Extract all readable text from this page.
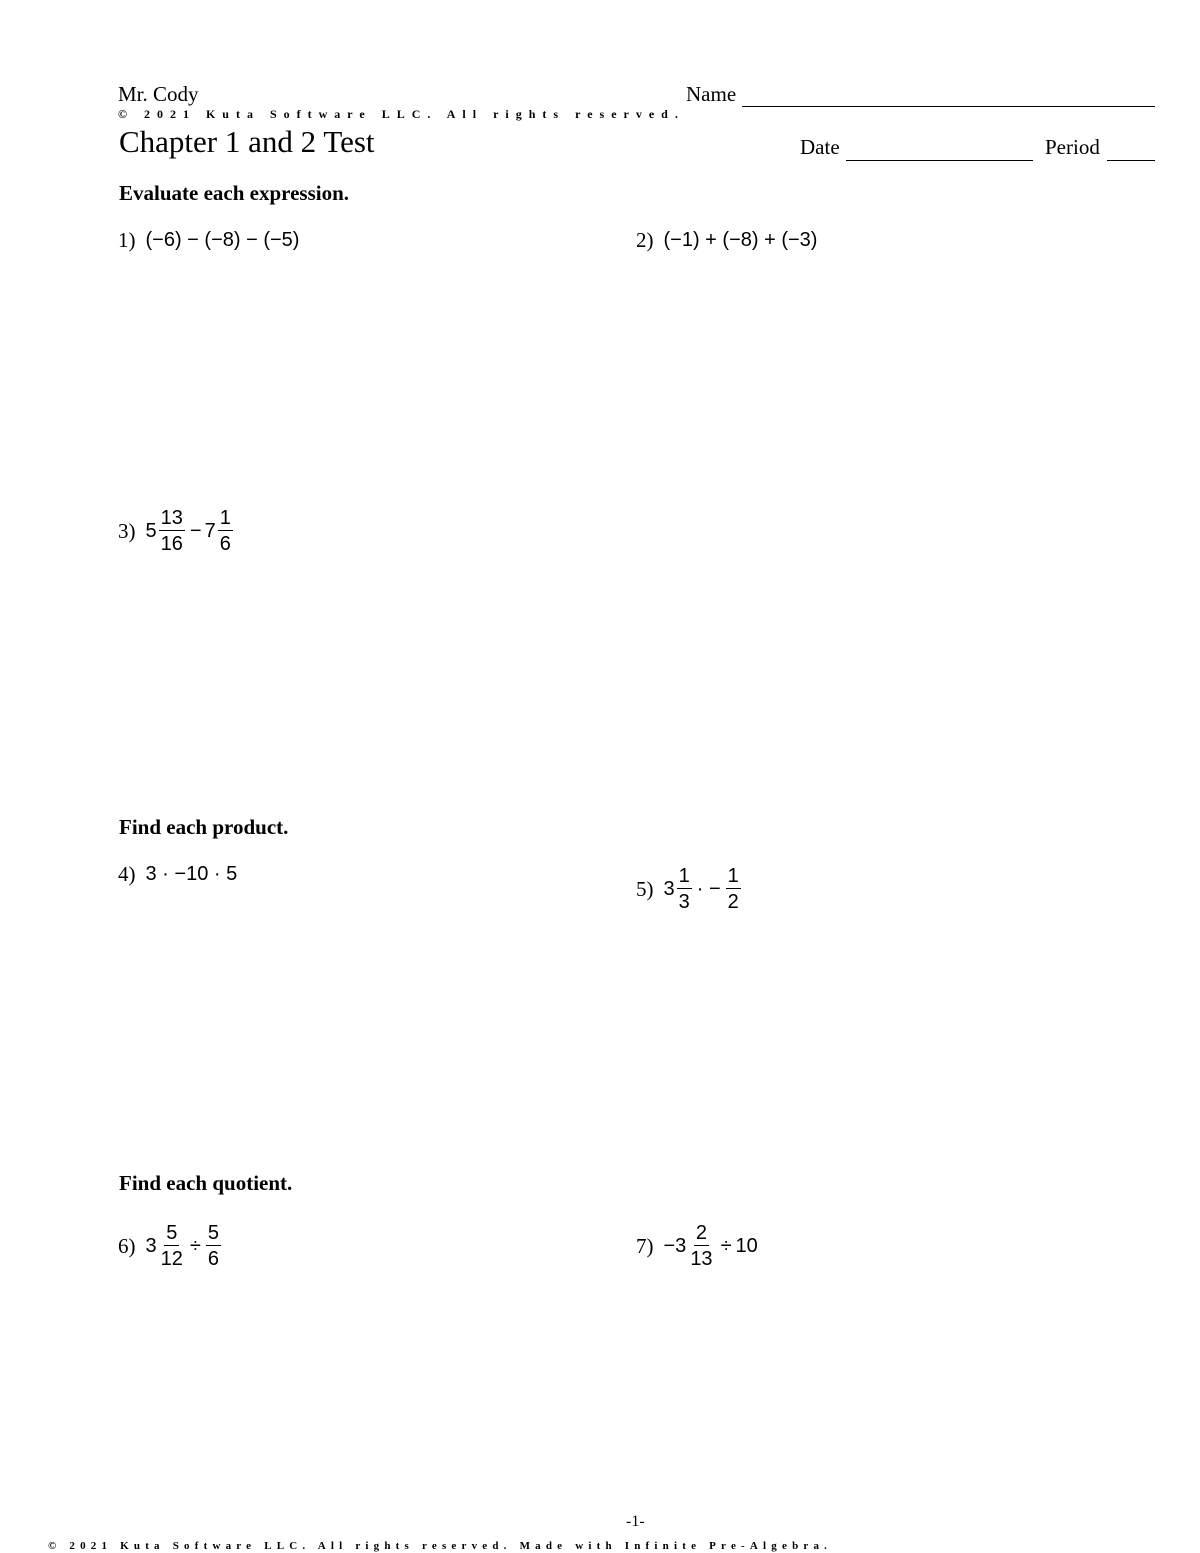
Mr. Cody	Name
© 2021 Kuta Software LLC. All rights reserved.
Chapter 1 and 2 Test	Date	Period
Evaluate each expression.
1) (−6) − (−8) − (−5)	2) (−1) + (−8) + (−3)
3) $5 \frac{13}{16} - 7 \frac{1}{6}$
Find each product.
4) 3 · −10 · 5
5) $3 \frac{1}{3}$ · − $\frac{1}{2}$
Find each quotient.
6) $3 \frac{5}{12} \div \frac{5}{6}$	$7) -3 \frac{2}{13} \div 10$
-1-
© 2021 Kuta Software LLC. All rights reserved. Made with Infinite Pre-Algebra.
